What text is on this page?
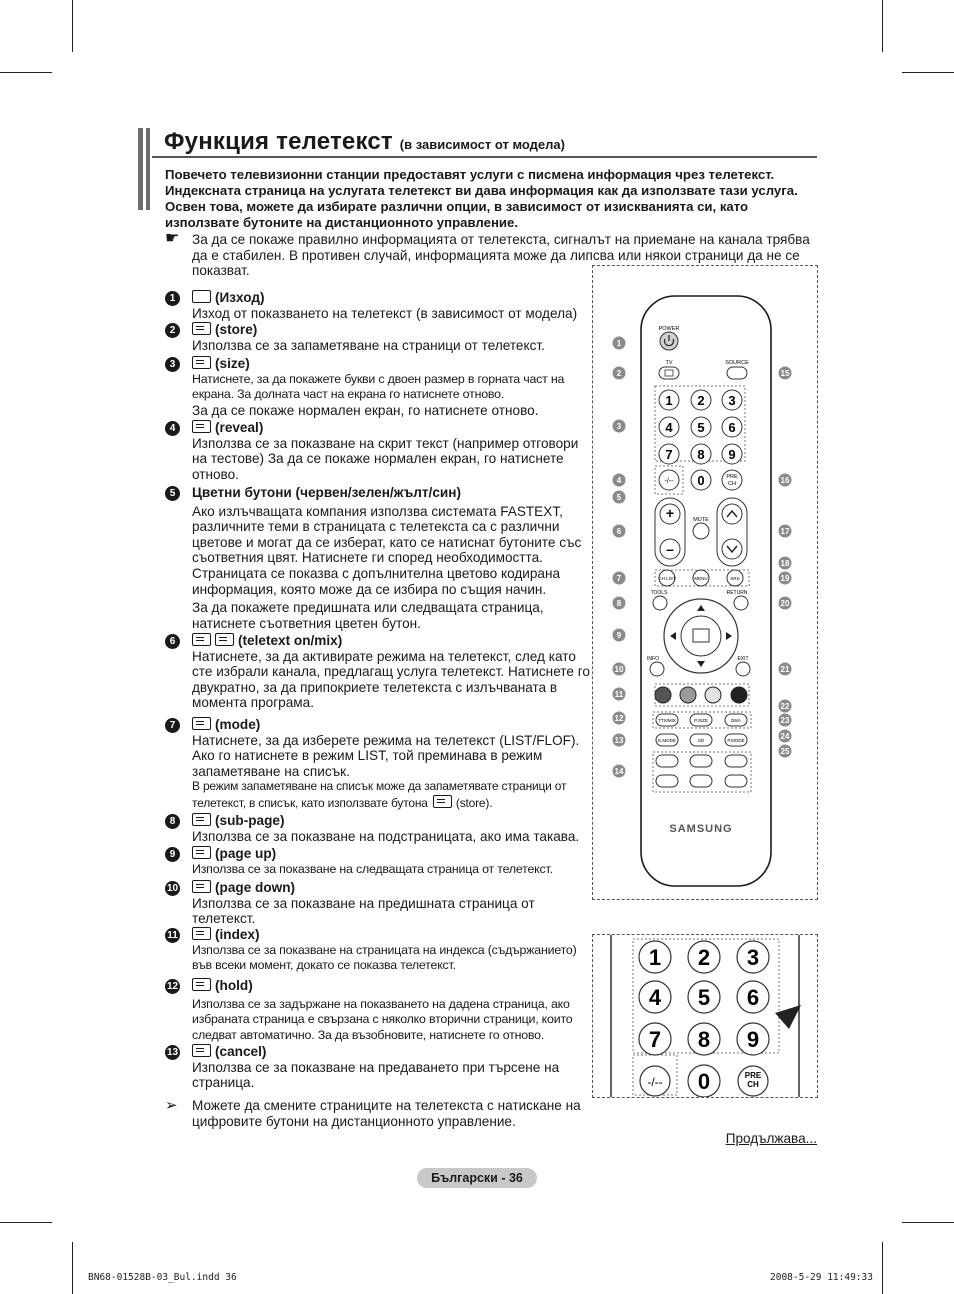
Функция телетекст (в зависимост от модела)
Повечето телевизионни станции предоставят услуги с писмена информация чрез телетекст. Индексната страница на услугата телетекст ви дава информация как да използвате тази услуга. Освен това, можете да избирате различни опции, в зависимост от изискванията си, като използвате бутоните на дистанционното управление.
☛ За да се покаже правилно информацията от телетекста, сигналът на приемане на канала трябва да е стабилен. В противен случай, информацията може да липсва или някои страници да не се показват.
1	(Изход)
Изход от показването на телетекст (в зависимост от модела)
2	(store)
Използва се за запаметяване на страници от телетекст.
3	(size)
Натиснете, за да покажете букви с двоен размер в горната част на екрана. За долната част на екрана го натиснете отново.
За да се покаже нормален екран, го натиснете отново.
4	(reveal)
Използва се за показване на скрит текст (например отговори на тестове) За да се покаже нормален екран, го натиснете отново.
5	Цветни бутони (червен/зелен/жълт/син)

Ако излъчващата компания използва системата FASTEXT, различните теми в страницата с телетекста са с различни цветове и могат да се изберат, като се натиснат бутоните със съответния цвят. Натиснете ги според необходимостта. Страницата се показва с допълнителна цветово кодирана информация, която може да се избира по същия начин.

За да покажете предишната или следващата страница, натиснете съответния цветен бутон.

6	(teletext on/mix)
Натиснете, за да активирате режима на телетекст, след като сте избрали канала, предлагащ услуга телетекст. Натиснете го двукратно, за да припокриете телетекста с излъчваната в момента програма.
7	(mode)
Натиснете, за да изберете режима на телетекст (LIST/FLOF). Ако го натиснете в режим LIST, той преминава в режим запаметяване на списък.
В режим запаметяване на списък може да запаметявате страници от телетекст, в списък, като използвате бутона (store).
8	(sub-page)
Използва се за показване на подстраницата, ако има такава.
9	(page up)
Използва се за показване на следващата страница от телетекст.
10	(page down)
Използва се за показване на предишната страница от телетекст.
11	(index)
Използва се за показване на страницата на индекса (съдържанието) във всеки момент, докато се показва телетекст.
12	(hold)
Използва се за задържане на показването на дадена страница, ако избраната страница е свързана с няколко вторични страници, които следват автоматично. За да възобновите, натиснете го отново.
13	(cancel)
Използва се за показване на предаването при търсене на страница.
➢ Можете да смените страниците на телетекста с натискане на цифровите бутони на дистанционното управление.
Продължава...
Български - 36
BN68-01528B-03_Bul.indd 36	2008-5-29 11:49:33
POWER
TV	SOURCE
1 2 3
4 5 6
7 8 9
0
-/--
PRE
CH
+
–
MUTE
CH LIST	MENU	SRS
TOOLS	RETURN
INFO	EXIT
TTX/MIX	P.SIZE	DMA
E.MODE	SD	P.MODE
SAMSUNG
1
2
3
4
5
6
7
8
9
10
11
12
13
14
15
16
17
18
19
20
21
22
23
24
25
1 2 3
4 5 6
7 8 9
0
-/--	PRE
CH
